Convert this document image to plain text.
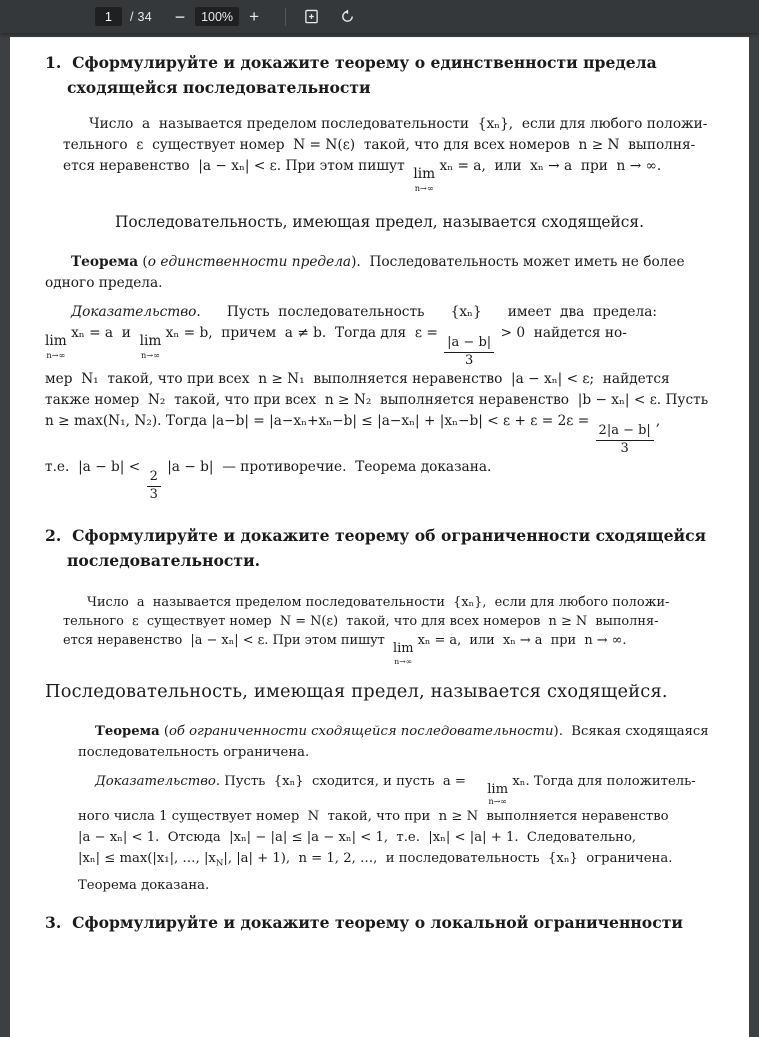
1
/ 34	−	100% +
1.  Сформулируйте и докажите теорему о единственности предела
сходящейся последовательности
Число  a  называется пределом последовательности  {xₙ},  если для любого положи-
тельного  ε  существует номер  N = N(ε)  такой, что для всех номеров  n ≥ N  выполня-
ется неравенство  |a − xₙ| < ε. При этом пишут lim
n→∞
xₙ = a,  или  xₙ → a  при  n → ∞.
Последовательность, имеющая предел, называется сходящейся.
Теорема (о единственности предела).  Последовательность может иметь не более
одного предела.
Доказательство.      Пусть  последовательность      {xₙ}      имеет  два  предела:
lim
n→∞
xₙ = a  и lim
n→∞
xₙ = b,  причем  a ≠ b.  Тогда для  ε =
$\frac{|a - b|}{3}$
> 0  найдется но-
мер  N₁  такой, что при всех  n ≥ N₁  выполняется неравенство  |a − xₙ| < ε;  найдется
также номер  N₂  такой, что при всех  n ≥ N₂  выполняется неравенство  |b − xₙ| < ε. Пусть
n ≥ max(N₁, N₂). Тогда |a−b| = |a−xₙ+xₙ−b| ≤ |a−xₙ| + |xₙ−b| < ε + ε = 2ε =
$\frac{2|a - b|}{3}$
,
т.е.  |a − b| <
$\frac{2}{3}$
|a − b|  — противоречие.  Теорема доказана.
2.  Сформулируйте и докажите теорему об ограниченности сходящейся
последовательности.
Число  a  называется пределом последовательности  {xₙ},  если для любого положи-
тельного  ε  существует номер  N = N(ε)  такой, что для всех номеров  n ≥ N  выполня-
ется неравенство  |a − xₙ| < ε. При этом пишут
lim
n→∞
xₙ = a,  или  xₙ → a  при  n → ∞.
Последовательность, имеющая предел, называется сходящейся.
Теорема (об ограниченности сходящейся последовательности).  Всякая сходящаяся
последовательность ограничена.
Доказательство. Пусть  {xₙ}  сходится, и пусть  a =
lim
n→∞
xₙ. Тогда для положитель-
ного числа 1 существует номер  N  такой, что при  n ≥ N  выполняется неравенство
|a − xₙ| < 1.  Отсюда  |xₙ| − |a| ≤ |a − xₙ| < 1,  т.е.  |xₙ| < |a| + 1.  Следовательно,
|xₙ| ≤ max(|x₁|, …, $|x_N|$, |a| + 1),  n = 1, 2, …,  и последовательность  {xₙ}  ограничена.
Теорема доказана.
3.  Сформулируйте и докажите теорему о локальной ограниченности
